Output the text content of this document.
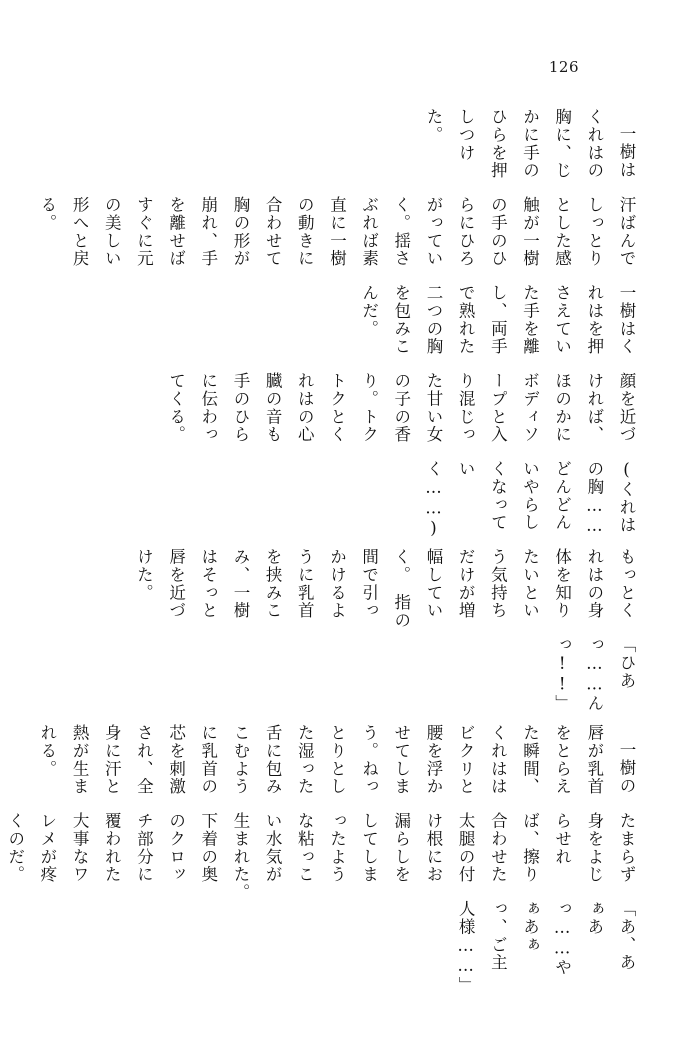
126
一樹はくれはの胸に、じかに手のひらを押しつけた。
汗ばんでしっとりとした感触が一樹の手のひらにひろがっていく。揺さぶれば素直に一樹の動きに合わせて胸の形が崩れ、手を離せばすぐに元の美しい形へと戻る。
一樹はくれはを押さえていた手を離し、両手で熟れた二つの胸を包みこんだ。
顔を近づければ、ほのかにボディソープと入り混じった甘い女の子の香り。トクトクとくれはの心臓の音も手のひらに伝わってくる。
(くれはの胸……どんどんいやらしくなっていく……)
もっとくれはの身体を知りたいという気持ちだけが増幅していく。　指の間で引っかけるように乳首を挟みこみ、一樹はそっと唇を近づけた。
「ひあっ……んっ!!」
一樹の唇が乳首をとらえた瞬間、くれははビクリと腰を浮かせてしまう。ねっとりとした湿った舌に包みこむように乳首の芯を刺激され、全身に汗と熱が生まれる。
たまらず身をよじらせれば、擦り合わせた太腿の付け根にお漏らしをしてしまったような粘っこい水気が生まれた。　下着の奥のクロッチ部分に覆われた大事なワレメが疼くのだ。
「あ、あぁあっ……やぁあぁっ、ご主人様……」
